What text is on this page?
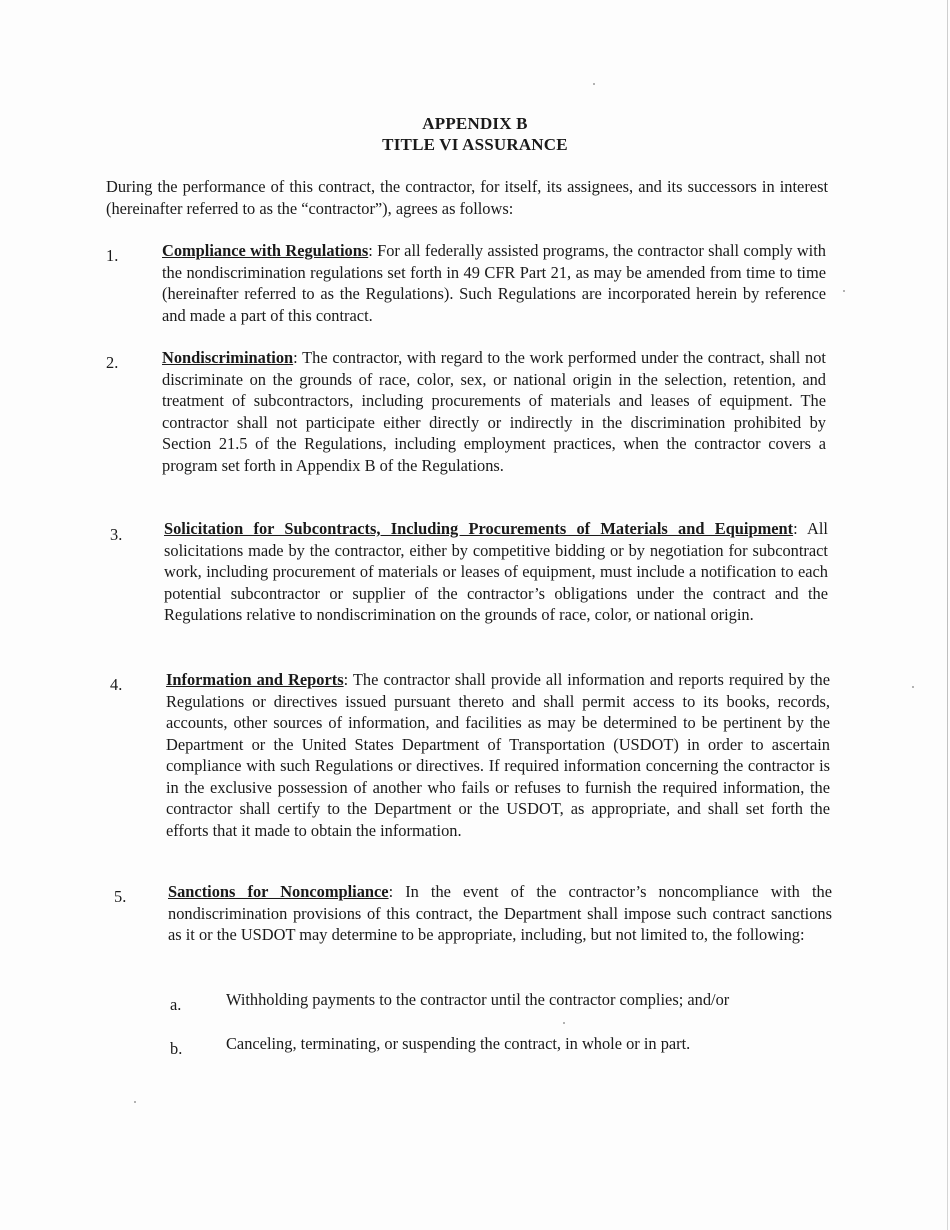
APPENDIX B
TITLE VI ASSURANCE
During the performance of this contract, the contractor, for itself, its assignees, and its successors in interest (hereinafter referred to as the “contractor”), agrees as follows:
1.	Compliance with Regulations: For all federally assisted programs, the contractor shall comply with the nondiscrimination regulations set forth in 49 CFR Part 21, as may be amended from time to time (hereinafter referred to as the Regulations). Such Regulations are incorporated herein by reference and made a part of this contract.
2.	Nondiscrimination: The contractor, with regard to the work performed under the contract, shall not discriminate on the grounds of race, color, sex, or national origin in the selection, retention, and treatment of subcontractors, including procurements of materials and leases of equipment. The contractor shall not participate either directly or indirectly in the discrimination prohibited by Section 21.5 of the Regulations, including employment practices, when the contractor covers a program set forth in Appendix B of the Regulations.
3.	Solicitation for Subcontracts, Including Procurements of Materials and Equipment: All solicitations made by the contractor, either by competitive bidding or by negotiation for subcontract work, including procurement of materials or leases of equipment, must include a notification to each potential subcontractor or supplier of the contractor’s obligations under the contract and the Regulations relative to nondiscrimination on the grounds of race, color, or national origin.
4.	Information and Reports: The contractor shall provide all information and reports required by the Regulations or directives issued pursuant thereto and shall permit access to its books, records, accounts, other sources of information, and facilities as may be determined to be pertinent by the Department or the United States Department of Transportation (USDOT) in order to ascertain compliance with such Regulations or directives. If required information concerning the contractor is in the exclusive possession of another who fails or refuses to furnish the required information, the contractor shall certify to the Department or the USDOT, as appropriate, and shall set forth the efforts that it made to obtain the information.
5.	Sanctions for Noncompliance: In the event of the contractor’s noncompliance with the nondiscrimination provisions of this contract, the Department shall impose such contract sanctions as it or the USDOT may determine to be appropriate, including, but not limited to, the following:
a.	Withholding payments to the contractor until the contractor complies; and/or
b.	Canceling, terminating, or suspending the contract, in whole or in part.
